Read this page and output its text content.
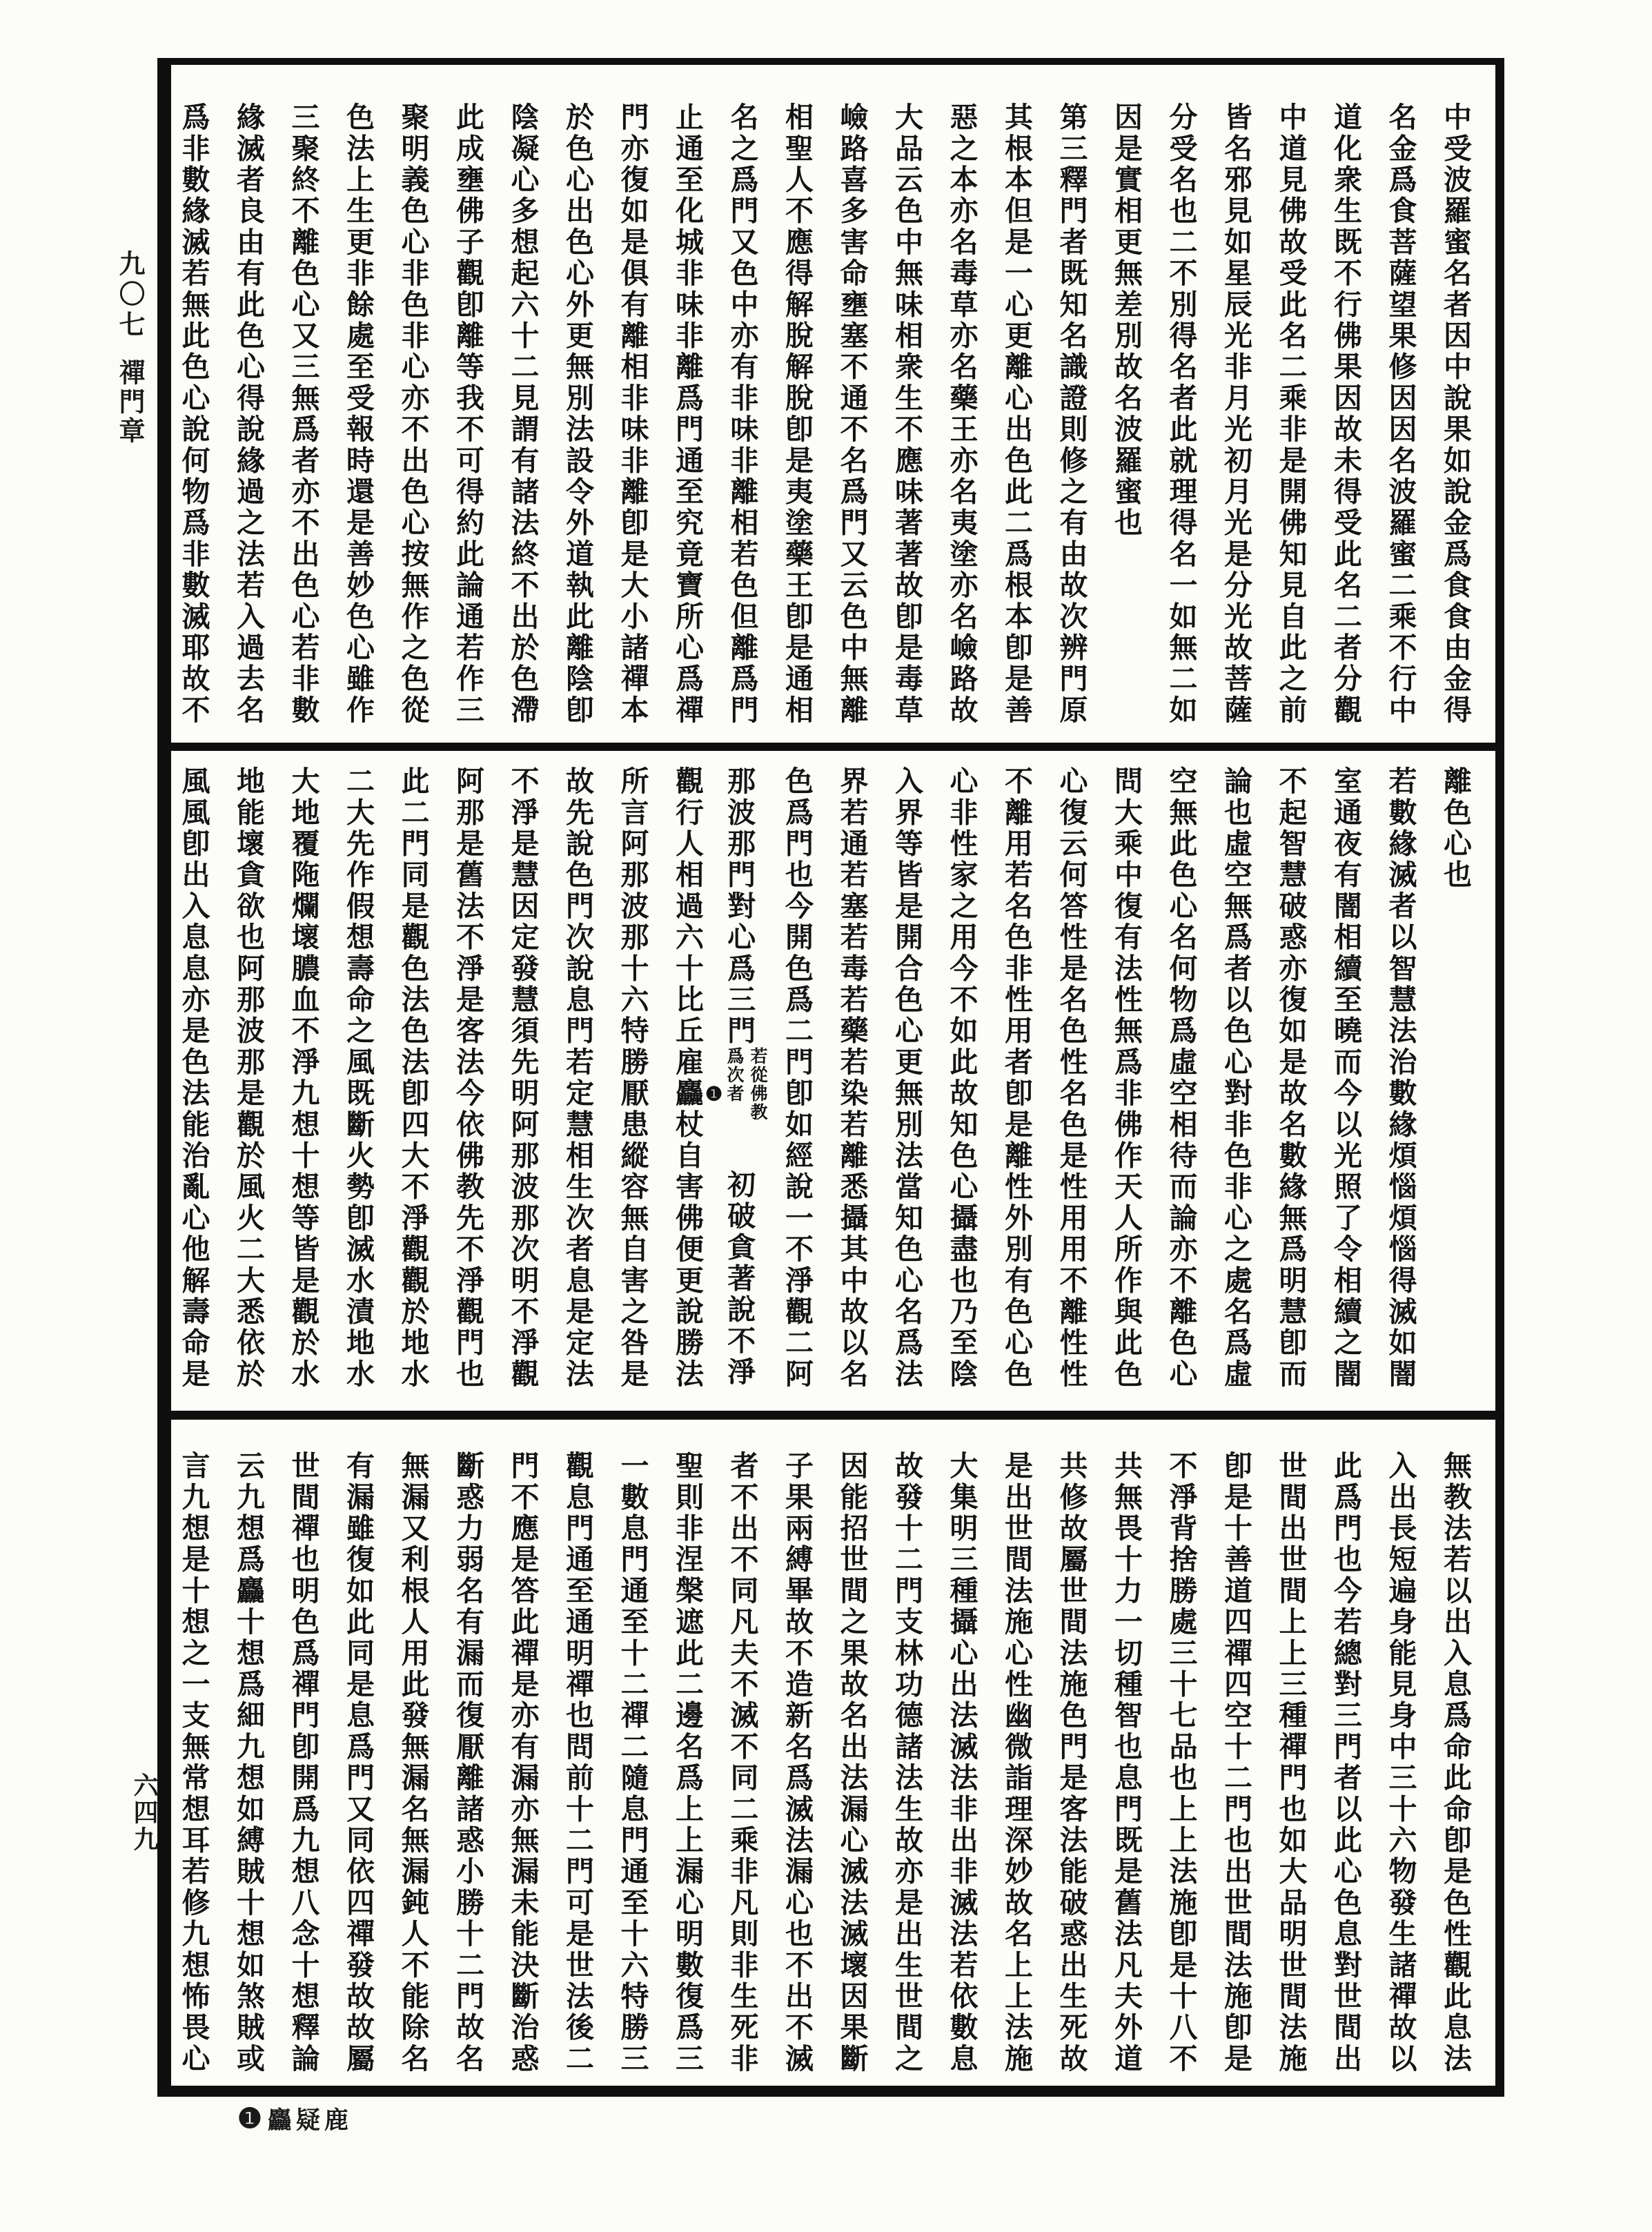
中受波羅蜜名者因中說果如說金爲食食由金得
名金爲食菩薩望果修因因名波羅蜜二乘不行中
道化衆生既不行佛果因故未得受此名二者分觀
中道見佛故受此名二乘非是開佛知見自此之前
皆名邪見如星辰光非月光初月光是分光故菩薩
分受名也二不別得名者此就理得名一如無二如
因是實相更無差別故名波羅蜜也
第三釋門者既知名識證則修之有由故次辨門原
其根本但是一心更離心出色此二爲根本卽是善
惡之本亦名毒草亦名藥王亦名夷塗亦名嶮路故
大品云色中無味相衆生不應味著著故卽是毒草
嶮路喜多害命壅塞不通不名爲門又云色中無離
相聖人不應得解脫解脫卽是夷塗藥王卽是通相
名之爲門又色中亦有非味非離相若色但離爲門
止通至化城非味非離爲門通至究竟寶所心爲禪
門亦復如是俱有離相非味非離卽是大小諸禪本
於色心出色心外更無別法設令外道執此離陰卽
陰凝心多想起六十二見謂有諸法終不出於色滯
此成壅佛子觀卽離等我不可得約此論通若作三
聚明義色心非色非心亦不出色心按無作之色從
色法上生更非餘處至受報時還是善妙色心雖作
三聚終不離色心又三無爲者亦不出色心若非數
緣滅者良由有此色心得說緣過之法若入過去名
爲非數緣滅若無此色心說何物爲非數滅耶故不
離色心也
若數緣滅者以智慧法治數緣煩惱煩惱得滅如闇
室通夜有闇相續至曉而今以光照了令相續之闇
不起智慧破惑亦復如是故名數緣無爲明慧卽而
論也虛空無爲者以色心對非色非心之處名爲虛
空無此色心名何物爲虛空相待而論亦不離色心
問大乘中復有法性無爲非佛作天人所作與此色
心復云何答性是名色性名色是性用用不離性性
不離用若名色非性用者卽是離性外別有色心色
心非性家之用今不如此故知色心攝盡也乃至陰
入界等皆是開合色心更無別法當知色心名爲法
界若通若塞若毒若藥若染若離悉攝其中故以名
色爲門也今開色爲二門卽如經說一不淨觀二阿
那波那門對心爲三門
若從佛教
爲次者
初破貪著說不淨
觀行人相過六十比丘雇麤 ❶
杖自害佛便更說勝法
所言阿那波那十六特勝厭患縱容無自害之咎是
故先說色門次說息門若定慧相生次者息是定法
不淨是慧因定發慧須先明阿那波那次明不淨觀
阿那是舊法不淨是客法今依佛教先不淨觀門也
此二門同是觀色法色法卽四大不淨觀觀於地水
二大先作假想壽命之風既斷火勢卽滅水漬地水
大地覆陁爛壞膿血不淨九想十想等皆是觀於水
地能壞貪欲也阿那波那是觀於風火二大悉依於
風風卽出入息息亦是色法能治亂心他解壽命是
無教法若以出入息爲命此命卽是色性觀此息法
入出長短遍身能見身中三十六物發生諸禪故以
此爲門也今若總對三門者以此心色息對世間出
世間出世間上上三種禪門也如大品明世間法施
卽是十善道四禪四空十二門也出世間法施卽是
不淨背捨勝處三十七品也上上法施卽是十八不
共無畏十力一切種智也息門既是舊法凡夫外道
共修故屬世間法施色門是客法能破惑出生死故
是出世間法施心性幽微詣理深妙故名上上法施
大集明三種攝心出法滅法非出非滅法若依數息
故發十二門支林功德諸法生故亦是出生世間之
因能招世間之果故名出法漏心滅法滅壞因果斷
子果兩縛畢故不造新名爲滅法漏心也不出不滅
者不出不同凡夫不滅不同二乘非凡則非生死非
聖則非涅槃遮此二邊名爲上上漏心明數復爲三
一數息門通至十二禪二隨息門通至十六特勝三
觀息門通至通明禪也問前十二門可是世法後二
門不應是答此禪是亦有漏亦無漏未能決斷治惑
斷惑力弱名有漏而復厭離諸惑小勝十二門故名
無漏又利根人用此發無漏名無漏鈍人不能除名
有漏雖復如此同是息爲門又同依四禪發故故屬
世間禪也明色爲禪門卽開爲九想八念十想釋論
云九想爲麤十想爲細九想如縛賊十想如煞賊或
言九想是十想之一支無常想耳若修九想怖畏心
九〇七
禪門章
六四九
❶ 麤疑鹿
